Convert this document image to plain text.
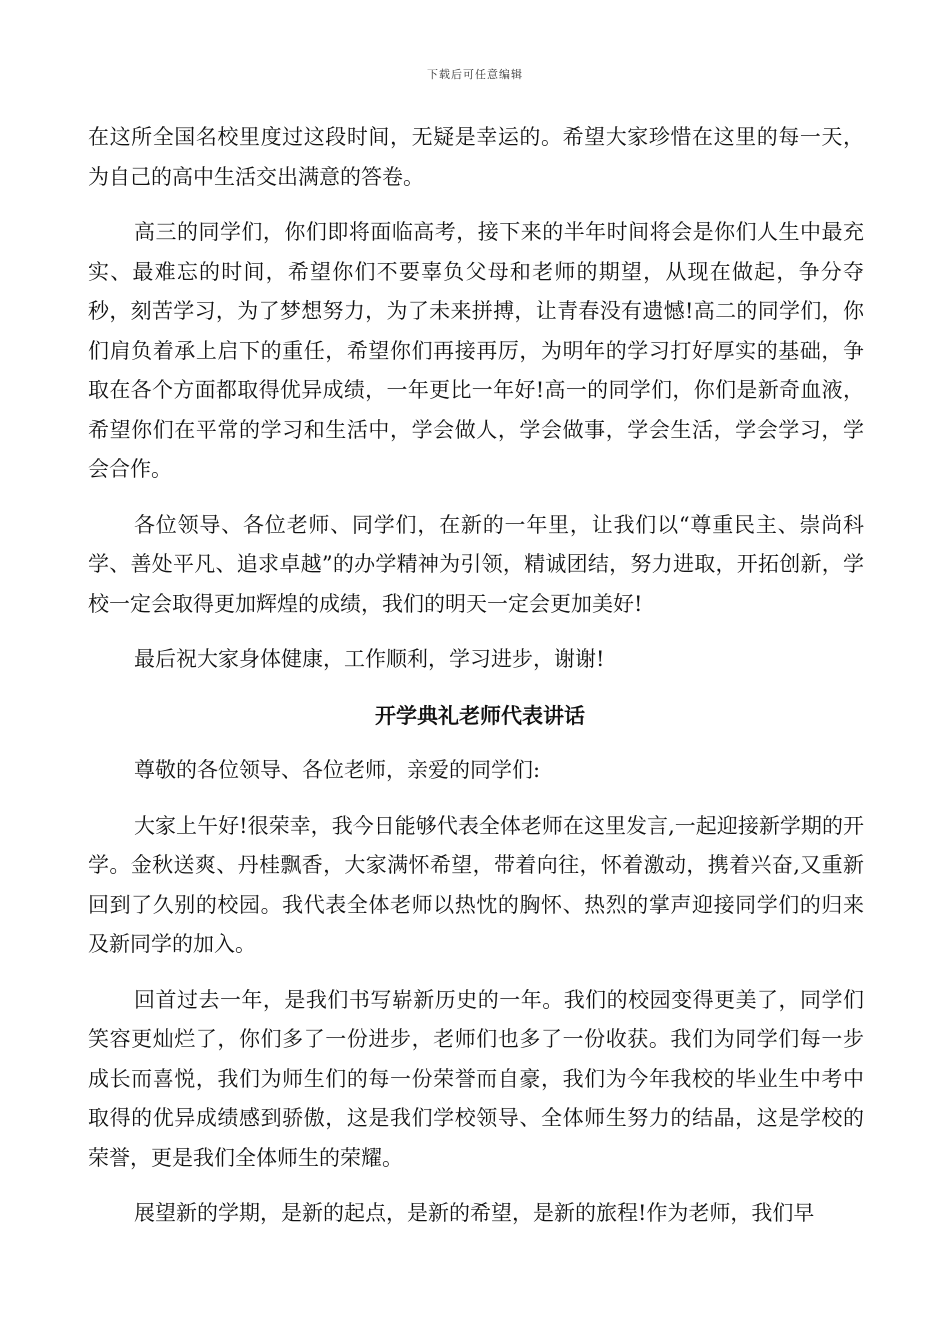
下载后可任意编辑

在这所全国名校里度过这段时间，无疑是幸运的。希望大家珍惜在这里的每一天，为自己的高中生活交出满意的答卷。

高三的同学们，你们即将面临高考，接下来的半年时间将会是你们人生中最充实、最难忘的时间，希望你们不要辜负父母和老师的期望，从现在做起，争分夺秒，刻苦学习，为了梦想努力，为了未来拼搏，让青春没有遗憾!高二的同学们，你们肩负着承上启下的重任，希望你们再接再厉，为明年的学习打好厚实的基础，争取在各个方面都取得优异成绩，一年更比一年好!高一的同学们，你们是新奇血液，希望你们在平常的学习和生活中，学会做人，学会做事，学会生活，学会学习，学会合作。

各位领导、各位老师、同学们，在新的一年里，让我们以“尊重民主、崇尚科学、善处平凡、追求卓越”的办学精神为引领，精诚团结，努力进取，开拓创新，学校一定会取得更加辉煌的成绩，我们的明天一定会更加美好!

最后祝大家身体健康，工作顺利，学习进步，谢谢!

开学典礼老师代表讲话

尊敬的各位领导、各位老师，亲爱的同学们:

大家上午好!很荣幸，我今日能够代表全体老师在这里发言,一起迎接新学期的开学。金秋送爽、丹桂飘香，大家满怀希望，带着向往，怀着激动，携着兴奋,又重新回到了久别的校园。我代表全体老师以热忱的胸怀、热烈的掌声迎接同学们的归来及新同学的加入。

回首过去一年，是我们书写崭新历史的一年。我们的校园变得更美了，同学们笑容更灿烂了，你们多了一份进步，老师们也多了一份收获。我们为同学们每一步成长而喜悦，我们为师生们的每一份荣誉而自豪，我们为今年我校的毕业生中考中取得的优异成绩感到骄傲，这是我们学校领导、全体师生努力的结晶，这是学校的荣誉，更是我们全体师生的荣耀。

展望新的学期，是新的起点，是新的希望，是新的旅程!作为老师，我们早
